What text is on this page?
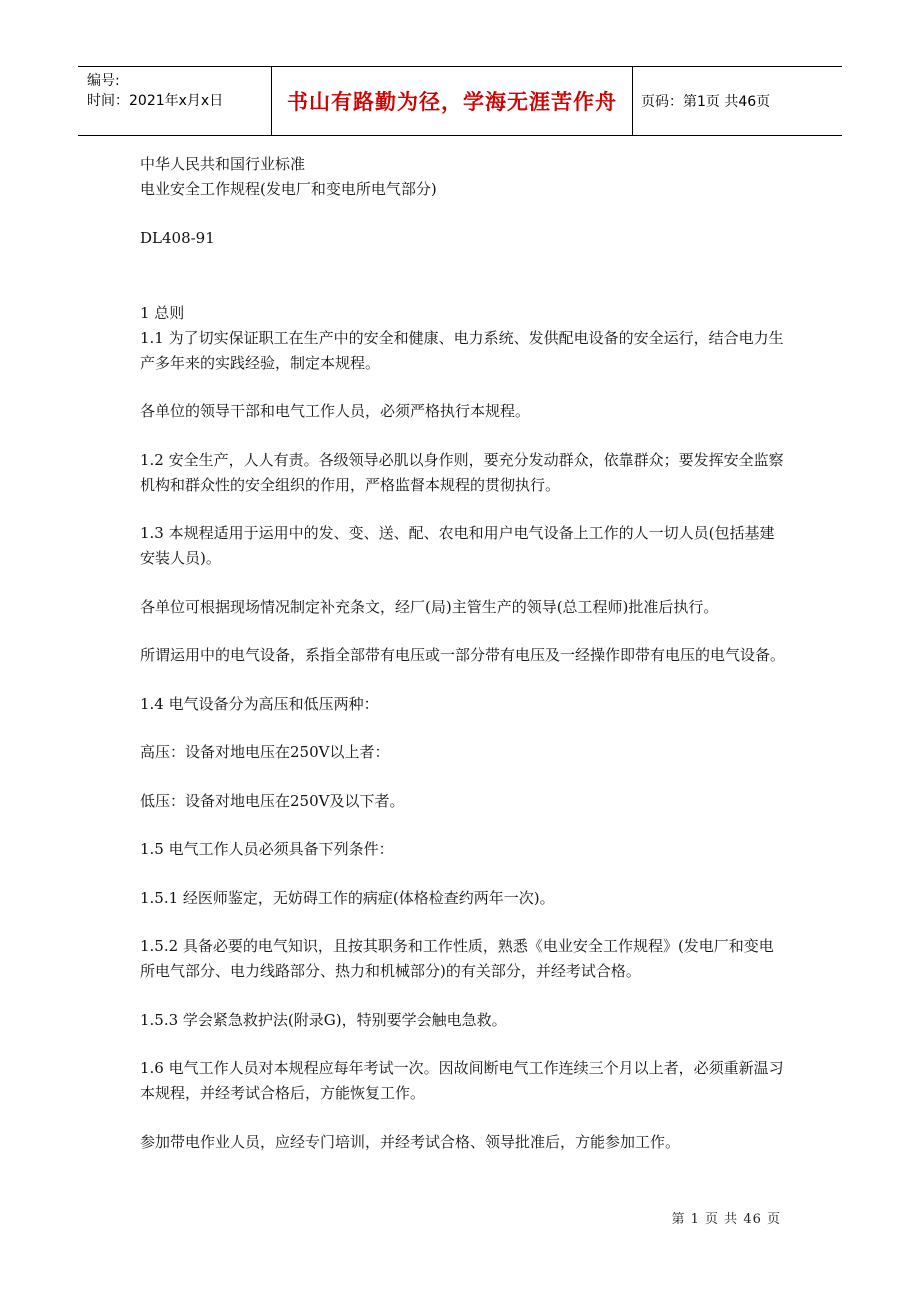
编号:
时间：2021年x月x日	书山有路勤为径，学海无涯苦作舟 页码：第1页 共46页

中华人民共和国行业标准

电业安全工作规程(发电厂和变电所电气部分)

DL408-91

1 总则

1.1 为了切实保证职工在生产中的安全和健康、电力系统、发供配电设备的安全运行，结合电力生产多年来的实践经验，制定本规程。

各单位的领导干部和电气工作人员，必须严格执行本规程。

1.2 安全生产，人人有责。各级领导必肌以身作则，要充分发动群众，依靠群众；要发挥安全监察机构和群众性的安全组织的作用，严格监督本规程的贯彻执行。

1.3 本规程适用于运用中的发、变、送、配、农电和用户电气设备上工作的人一切人员(包括基建安装人员)。

各单位可根据现场情况制定补充条文，经厂(局)主管生产的领导(总工程师)批准后执行。

所谓运用中的电气设备，系指全部带有电压或一部分带有电压及一经操作即带有电压的电气设备。

1.4 电气设备分为高压和低压两种：

高压：设备对地电压在250V以上者：

低压：设备对地电压在250V及以下者。

1.5 电气工作人员必须具备下列条件：

1.5.1 经医师鉴定，无妨碍工作的病症(体格检查约两年一次)。

1.5.2 具备必要的电气知识，且按其职务和工作性质，熟悉《电业安全工作规程》(发电厂和变电所电气部分、电力线路部分、热力和机械部分)的有关部分，并经考试合格。

1.5.3 学会紧急救护法(附录G)，特别要学会触电急救。

1.6 电气工作人员对本规程应每年考试一次。因故间断电气工作连续三个月以上者，必须重新温习本规程，并经考试合格后，方能恢复工作。

参加带电作业人员，应经专门培训，并经考试合格、领导批准后，方能参加工作。

第 1 页 共 46 页
